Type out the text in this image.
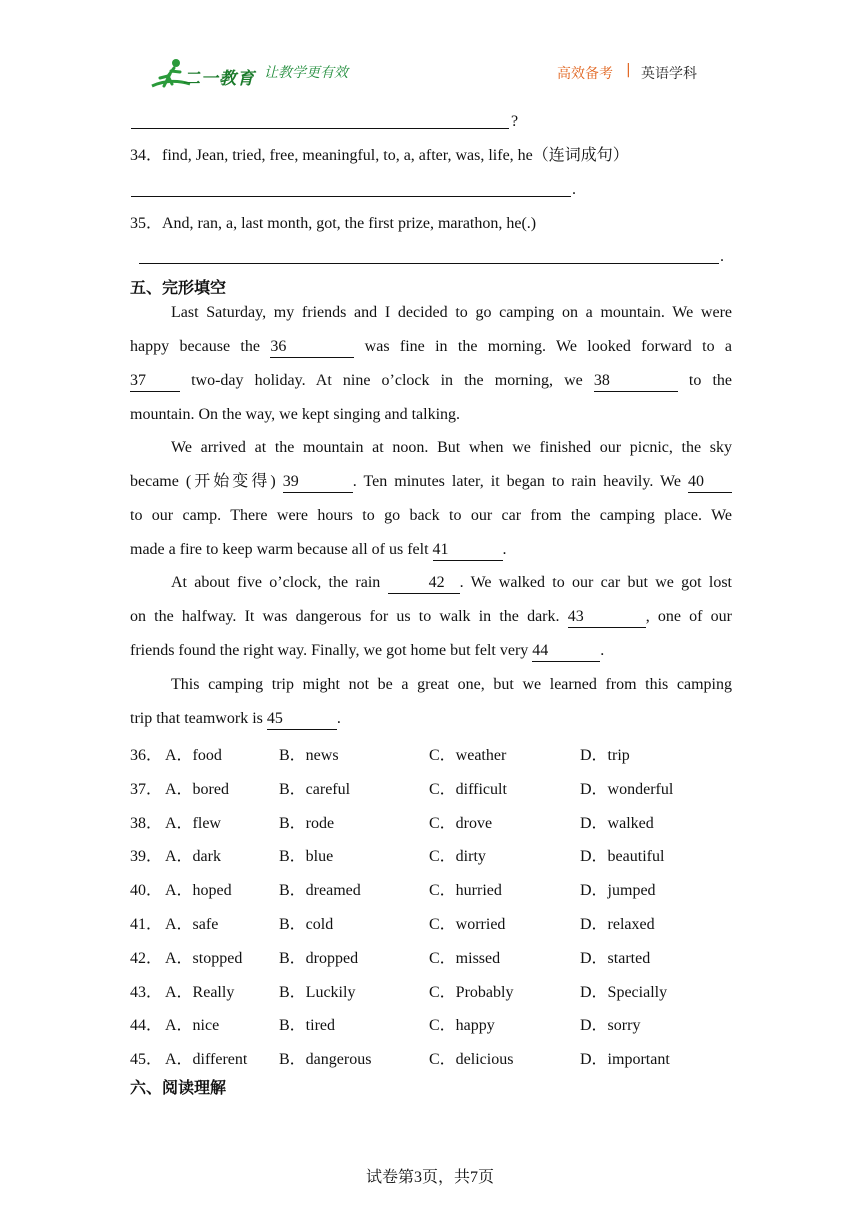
二一教育 让教学更有效	高效备考 | 英语学科
?
34．find, Jean, tried, free, meaningful, to, a, after, was, life, he（连词成句）
.
35．And, ran, a, last month, got, the first prize, marathon, he(.)
.
五、完形填空
Last Saturday, my friends and I decided to go camping on a mountain. We were
happy because the 36	was fine in the morning. We looked forward to a
37	two-day holiday. At nine o’clock in the morning, we 38	to the
mountain. On the way, we kept singing and talking.
We arrived at the mountain at noon. But when we finished our picnic, the sky
became (开始变得) 39	. Ten minutes later, it began to rain heavily. We 40
to our camp. There were hours to go back to our car from the camping place. We
made a fire to keep warm because all of us felt 41	.
At about five o’clock, the rain	42 . We walked to our car but we got lost
on the halfway. It was dangerous for us to walk in the dark. 43	, one of our
friends found the right way. Finally, we got home but felt very 44	.
This camping trip might not be a great one, but we learned from this camping
trip that teamwork is 45	.
36． A．food	B．news	C．weather	D．trip
37． A．bored	B．careful	C．difficult	D．wonderful
38． A．flew	B．rode	C．drove	D．walked
39． A．dark	B．blue	C．dirty	D．beautiful
40． A．hoped	B．dreamed	C．hurried	D．jumped
41． A．safe	B．cold	C．worried	D．relaxed
42． A．stopped B．dropped	C．missed	D．started
43． A．Really	B．Luckily	C．Probably	D．Specially
44． A．nice	B．tired	C．happy	D．sorry
45． A．different B．dangerous	C．delicious	D．important
六、阅读理解
试卷第3页，共7页
